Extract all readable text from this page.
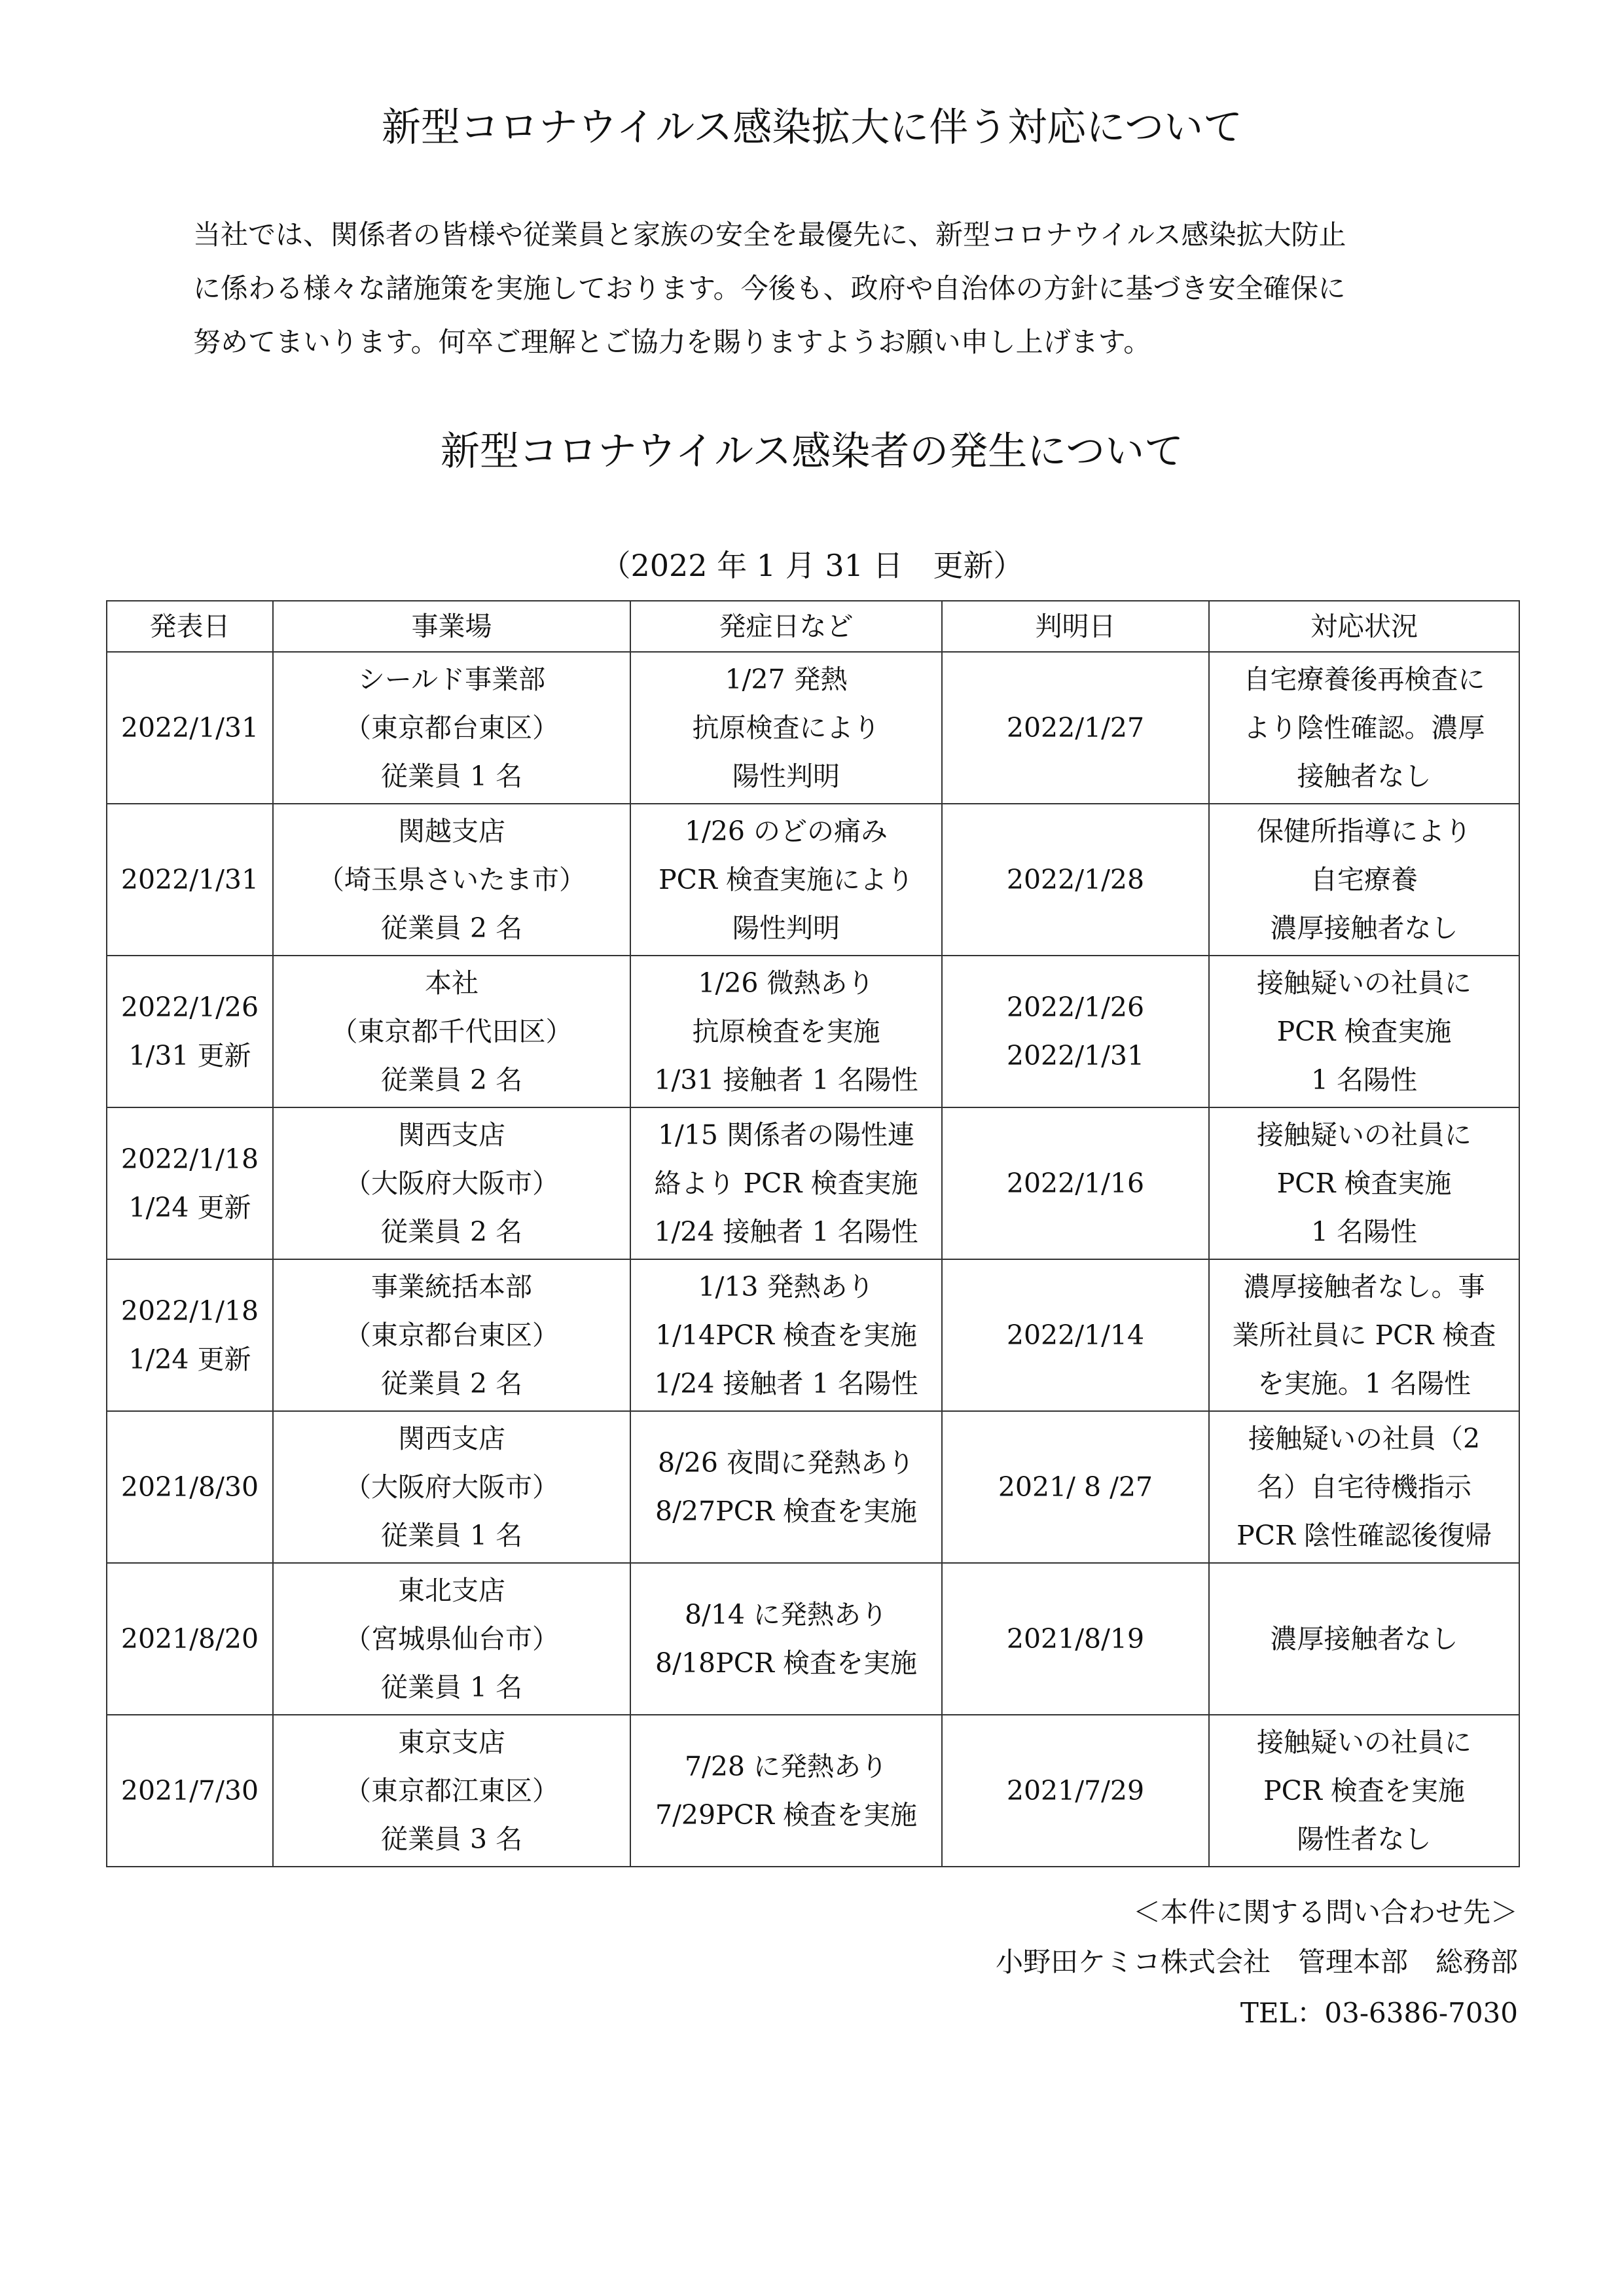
新型コロナウイルス感染拡大に伴う対応について
当社では、関係者の皆様や従業員と家族の安全を最優先に、新型コロナウイルス感染拡大防止
に係わる様々な諸施策を実施しております。今後も、政府や自治体の方針に基づき安全確保に
努めてまいります。何卒ご理解とご協力を賜りますようお願い申し上げます。
新型コロナウイルス感染者の発生について
（2022 年 1 月 31 日　更新）
発表日	事業場	発症日など	判明日	対応状況

2022/1/31	シールド事業部
（東京都台東区）
従業員 1 名	1/27 発熱
抗原検査により
陽性判明	2022/1/27	自宅療養後再検査に
より陰性確認。濃厚
接触者なし

2022/1/31	関越支店
（埼玉県さいたま市）
従業員 2 名	1/26 のどの痛み
PCR 検査実施により
陽性判明	2022/1/28	保健所指導により
自宅療養
濃厚接触者なし

2022/1/26
1/31 更新	本社
（東京都千代田区）
従業員 2 名	1/26 微熱あり
抗原検査を実施
1/31 接触者 1 名陽性	2022/1/26
2022/1/31	接触疑いの社員に
PCR 検査実施
1 名陽性

2022/1/18
1/24 更新	関西支店
（大阪府大阪市）
従業員 2 名	1/15 関係者の陽性連
絡より PCR 検査実施
1/24 接触者 1 名陽性	2022/1/16	接触疑いの社員に
PCR 検査実施
1 名陽性

2022/1/18
1/24 更新	事業統括本部
（東京都台東区）
従業員 2 名	1/13 発熱あり
1/14PCR 検査を実施
1/24 接触者 1 名陽性	2022/1/14	濃厚接触者なし。事
業所社員に PCR 検査
を実施。1 名陽性

2021/8/30	関西支店
（大阪府大阪市）
従業員 1 名	8/26 夜間に発熱あり
8/27PCR 検査を実施	2021/ 8 /27	接触疑いの社員（2
名）自宅待機指示
PCR 陰性確認後復帰

2021/8/20	東北支店
（宮城県仙台市）
従業員 1 名	8/14 に発熱あり
8/18PCR 検査を実施	2021/8/19	濃厚接触者なし

2021/7/30	東京支店
（東京都江東区）
従業員 3 名	7/28 に発熱あり
7/29PCR 検査を実施	2021/7/29	接触疑いの社員に
PCR 検査を実施
陽性者なし
＜本件に関する問い合わせ先＞
小野田ケミコ株式会社　管理本部　総務部
TEL：03-6386-7030
